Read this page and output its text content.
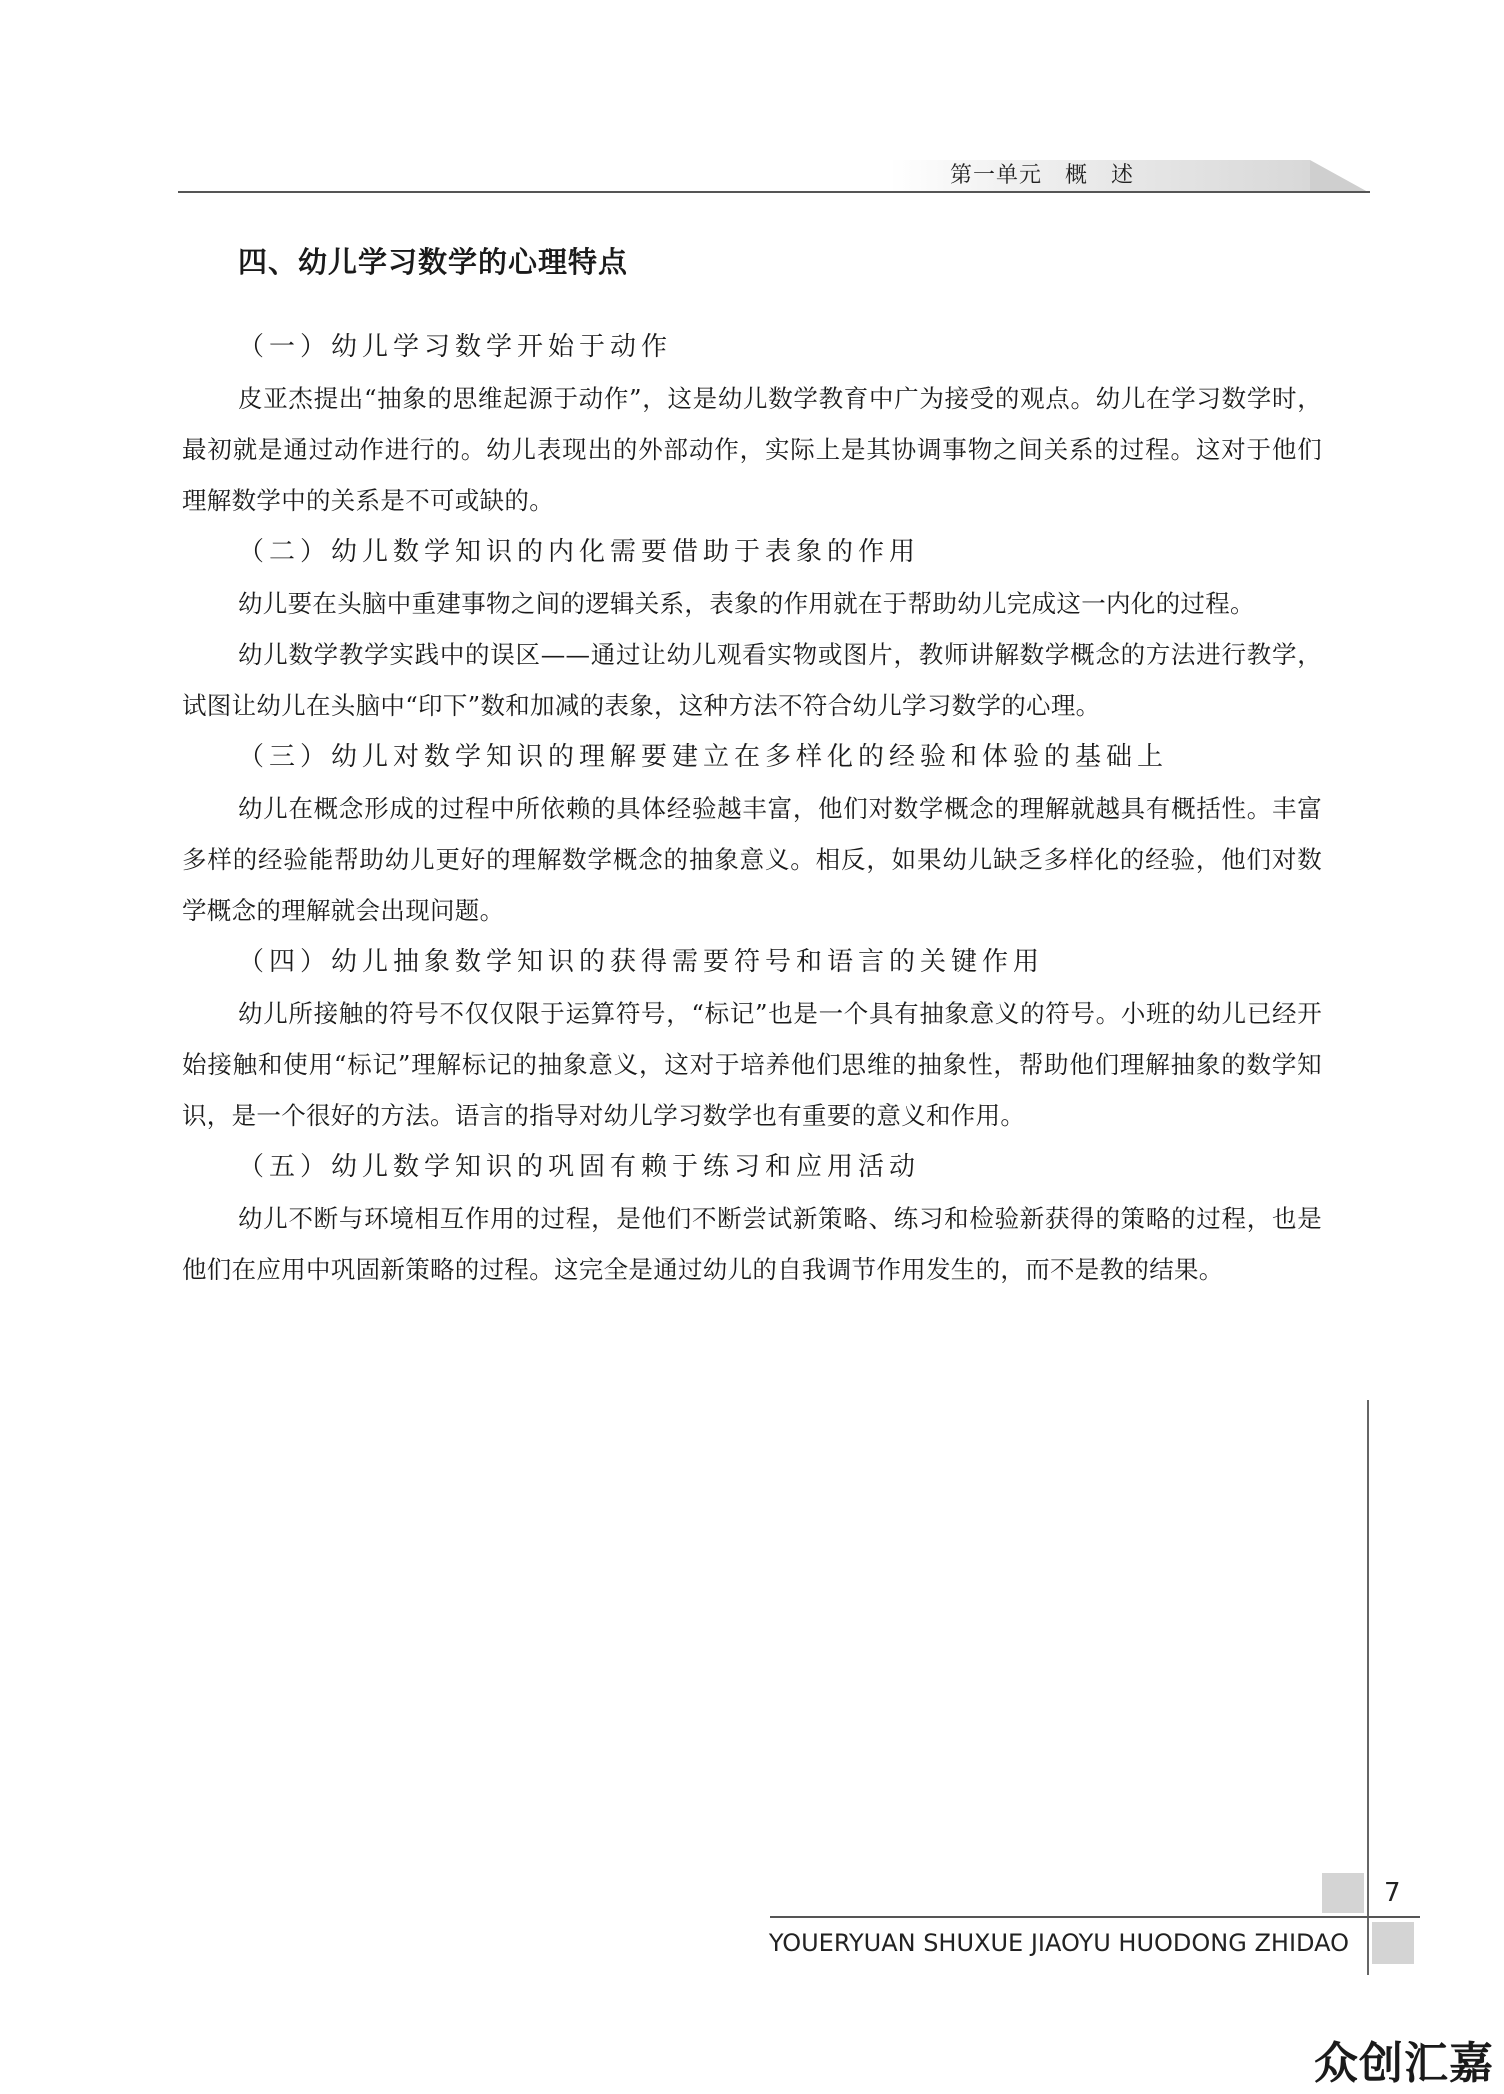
第一单元　概　述
四、幼儿学习数学的心理特点
（一）幼儿学习数学开始于动作

皮亚杰提出“抽象的思维起源于动作”，这是幼儿数学教育中广为接受的观点。幼儿在学习数学时，最初就是通过动作进行的。幼儿表现出的外部动作，实际上是其协调事物之间关系的过程。这对于他们理解数学中的关系是不可或缺的。

（二）幼儿数学知识的内化需要借助于表象的作用

幼儿要在头脑中重建事物之间的逻辑关系，表象的作用就在于帮助幼儿完成这一内化的过程。

幼儿数学教学实践中的误区——通过让幼儿观看实物或图片，教师讲解数学概念的方法进行教学，试图让幼儿在头脑中“印下”数和加减的表象，这种方法不符合幼儿学习数学的心理。

（三）幼儿对数学知识的理解要建立在多样化的经验和体验的基础上

幼儿在概念形成的过程中所依赖的具体经验越丰富，他们对数学概念的理解就越具有概括性。丰富多样的经验能帮助幼儿更好的理解数学概念的抽象意义。相反，如果幼儿缺乏多样化的经验，他们对数学概念的理解就会出现问题。

（四）幼儿抽象数学知识的获得需要符号和语言的关键作用

幼儿所接触的符号不仅仅限于运算符号，“标记”也是一个具有抽象意义的符号。小班的幼儿已经开始接触和使用“标记”理解标记的抽象意义，这对于培养他们思维的抽象性，帮助他们理解抽象的数学知识，是一个很好的方法。语言的指导对幼儿学习数学也有重要的意义和作用。

（五）幼儿数学知识的巩固有赖于练习和应用活动

幼儿不断与环境相互作用的过程，是他们不断尝试新策略、练习和检验新获得的策略的过程，也是他们在应用中巩固新策略的过程。这完全是通过幼儿的自我调节作用发生的，而不是教的结果。

7
YOUERYUAN SHUXUE JIAOYU HUODONG ZHIDAO
众创汇嘉
